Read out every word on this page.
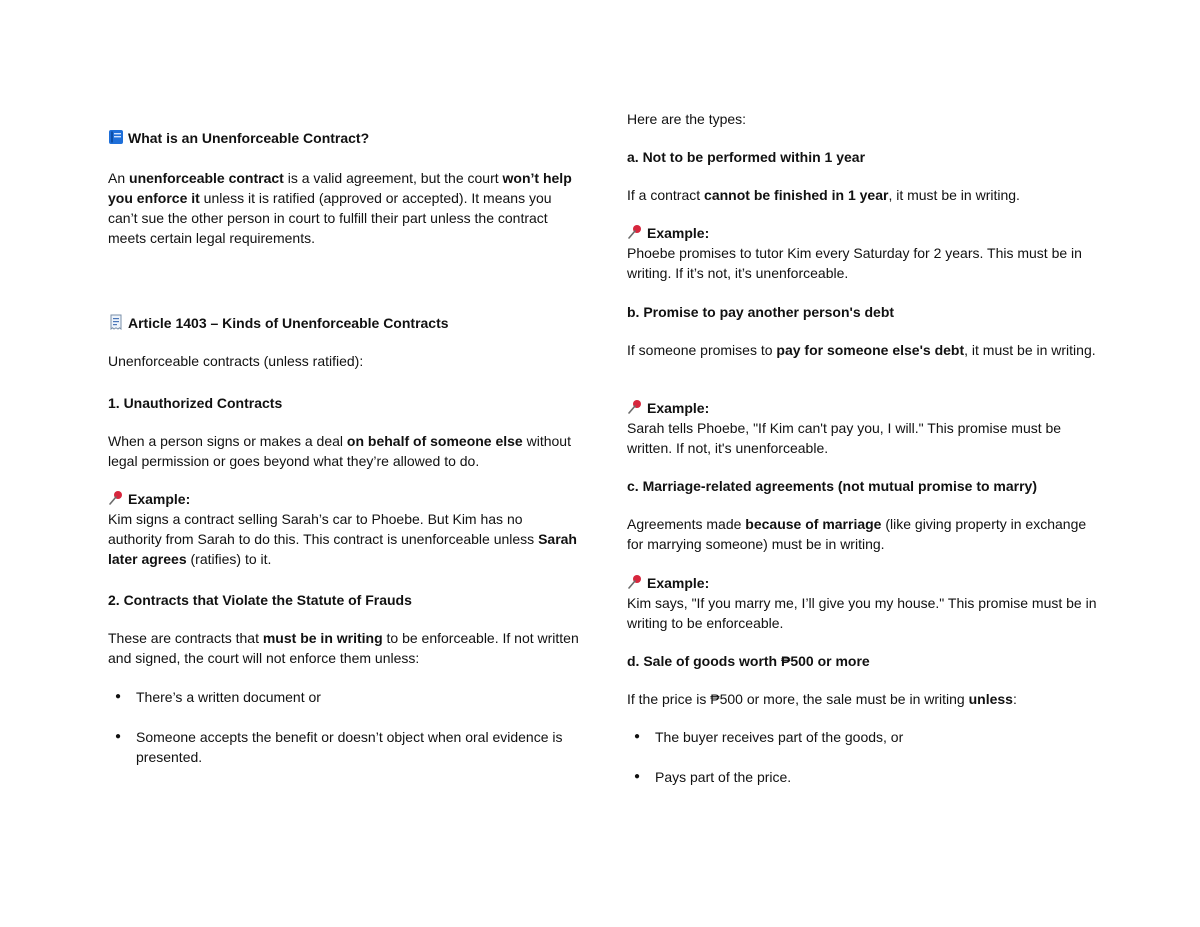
What is an Unenforceable Contract?

An unenforceable contract is a valid agreement, but the court won’t help you enforce it unless it is ratified (approved or accepted). It means you can’t sue the other person in court to fulfill their part unless the contract meets certain legal requirements.

Article 1403 – Kinds of Unenforceable Contracts

Unenforceable contracts (unless ratified):

1. Unauthorized Contracts

When a person signs or makes a deal on behalf of someone else without legal permission or goes beyond what they’re allowed to do.

Example:

Kim signs a contract selling Sarah’s car to Phoebe. But Kim has no authority from Sarah to do this. This contract is unenforceable unless Sarah later agrees (ratifies) to it.

2. Contracts that Violate the Statute of Frauds

These are contracts that must be in writing to be enforceable. If not written and signed, the court will not enforce them unless:

●	There’s a written document or
●	Someone accepts the benefit or doesn’t object when oral evidence is presented.

Here are the types:

a. Not to be performed within 1 year

If a contract cannot be finished in 1 year, it must be in writing.

Example:

Phoebe promises to tutor Kim every Saturday for 2 years. This must be in writing. If it’s not, it’s unenforceable.

b. Promise to pay another person's debt

If someone promises to pay for someone else's debt, it must be in writing.

Example:

Sarah tells Phoebe, "If Kim can't pay you, I will." This promise must be written. If not, it's unenforceable.

c. Marriage-related agreements (not mutual promise to marry)

Agreements made because of marriage (like giving property in exchange for marrying someone) must be in writing.

Example:

Kim says, "If you marry me, I’ll give you my house." This promise must be in writing to be enforceable.

d. Sale of goods worth ₱500 or more

If the price is ₱500 or more, the sale must be in writing unless:

●	The buyer receives part of the goods, or
●	Pays part of the price.
